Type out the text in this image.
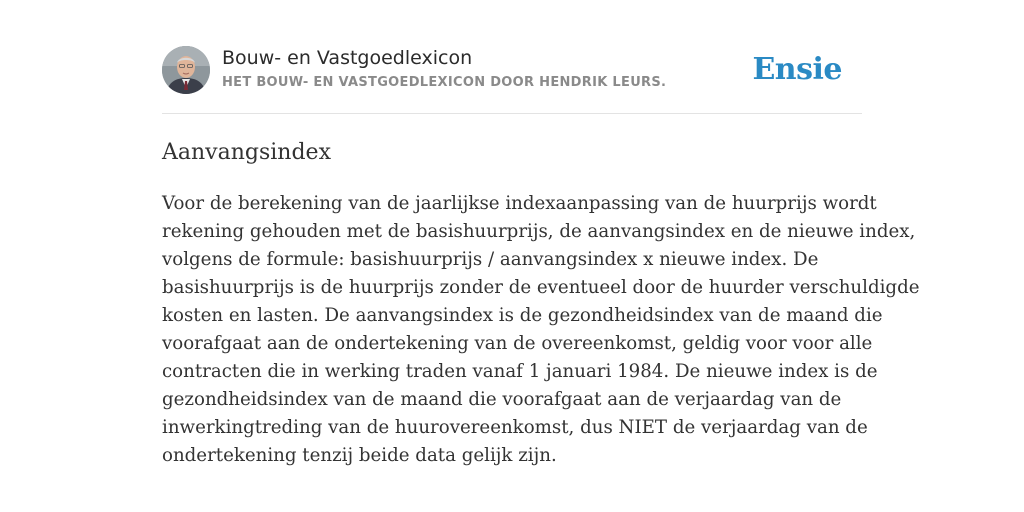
Bouw- en Vastgoedlexicon
HET BOUW- EN VASTGOEDLEXICON DOOR HENDRIK LEURS.	Ensie
Aanvangsindex
Voor de berekening van de jaarlijkse indexaanpassing van de huurprijs wordt
rekening gehouden met de basishuurprijs, de aanvangsindex en de nieuwe index,
volgens de formule: basishuurprijs / aanvangsindex x nieuwe index. De
basishuurprijs is de huurprijs zonder de eventueel door de huurder verschuldigde
kosten en lasten. De aanvangsindex is de gezondheidsindex van de maand die
voorafgaat aan de ondertekening van de overeenkomst, geldig voor voor alle
contracten die in werking traden vanaf 1 januari 1984. De nieuwe index is de
gezondheidsindex van de maand die voorafgaat aan de verjaardag van de
inwerkingtreding van de huurovereenkomst, dus NIET de verjaardag van de
ondertekening tenzij beide data gelijk zijn.
